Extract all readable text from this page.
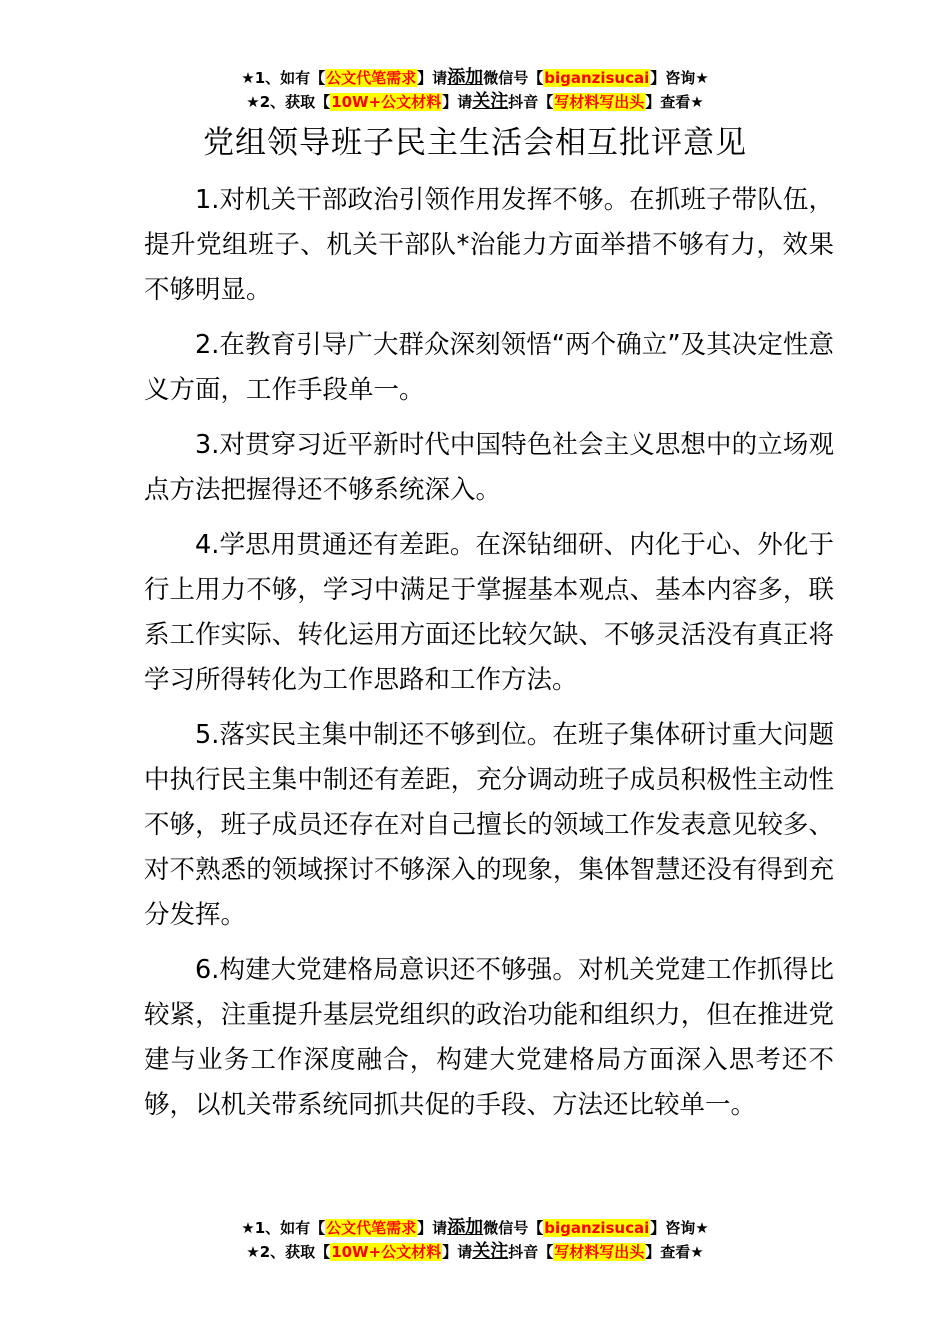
★1、如有【公文代笔需求】请添加微信号【biganzisucai】咨询★
★2、获取【10W+公文材料】请关注抖音【写材料写出头】查看★
党组领导班子民主生活会相互批评意见

1.对机关干部政治引领作用发挥不够。在抓班子带队伍，提升党组班子、机关干部队*治能力方面举措不够有力，效果不够明显。

2.在教育引导广大群众深刻领悟“两个确立”及其决定性意义方面，工作手段单一。

3.对贯穿习近平新时代中国特色社会主义思想中的立场观点方法把握得还不够系统深入。

4.学思用贯通还有差距。在深钻细研、内化于心、外化于行上用力不够，学习中满足于掌握基本观点、基本内容多，联系工作实际、转化运用方面还比较欠缺、不够灵活没有真正将学习所得转化为工作思路和工作方法。

5.落实民主集中制还不够到位。在班子集体研讨重大问题中执行民主集中制还有差距，充分调动班子成员积极性主动性不够，班子成员还存在对自己擅长的领域工作发表意见较多、对不熟悉的领域探讨不够深入的现象，集体智慧还没有得到充分发挥。

6.构建大党建格局意识还不够强。对机关党建工作抓得比较紧，注重提升基层党组织的政治功能和组织力，但在推进党建与业务工作深度融合，构建大党建格局方面深入思考还不够，以机关带系统同抓共促的手段、方法还比较单一。

★1、如有【公文代笔需求】请添加微信号【biganzisucai】咨询★
★2、获取【10W+公文材料】请关注抖音【写材料写出头】查看★
